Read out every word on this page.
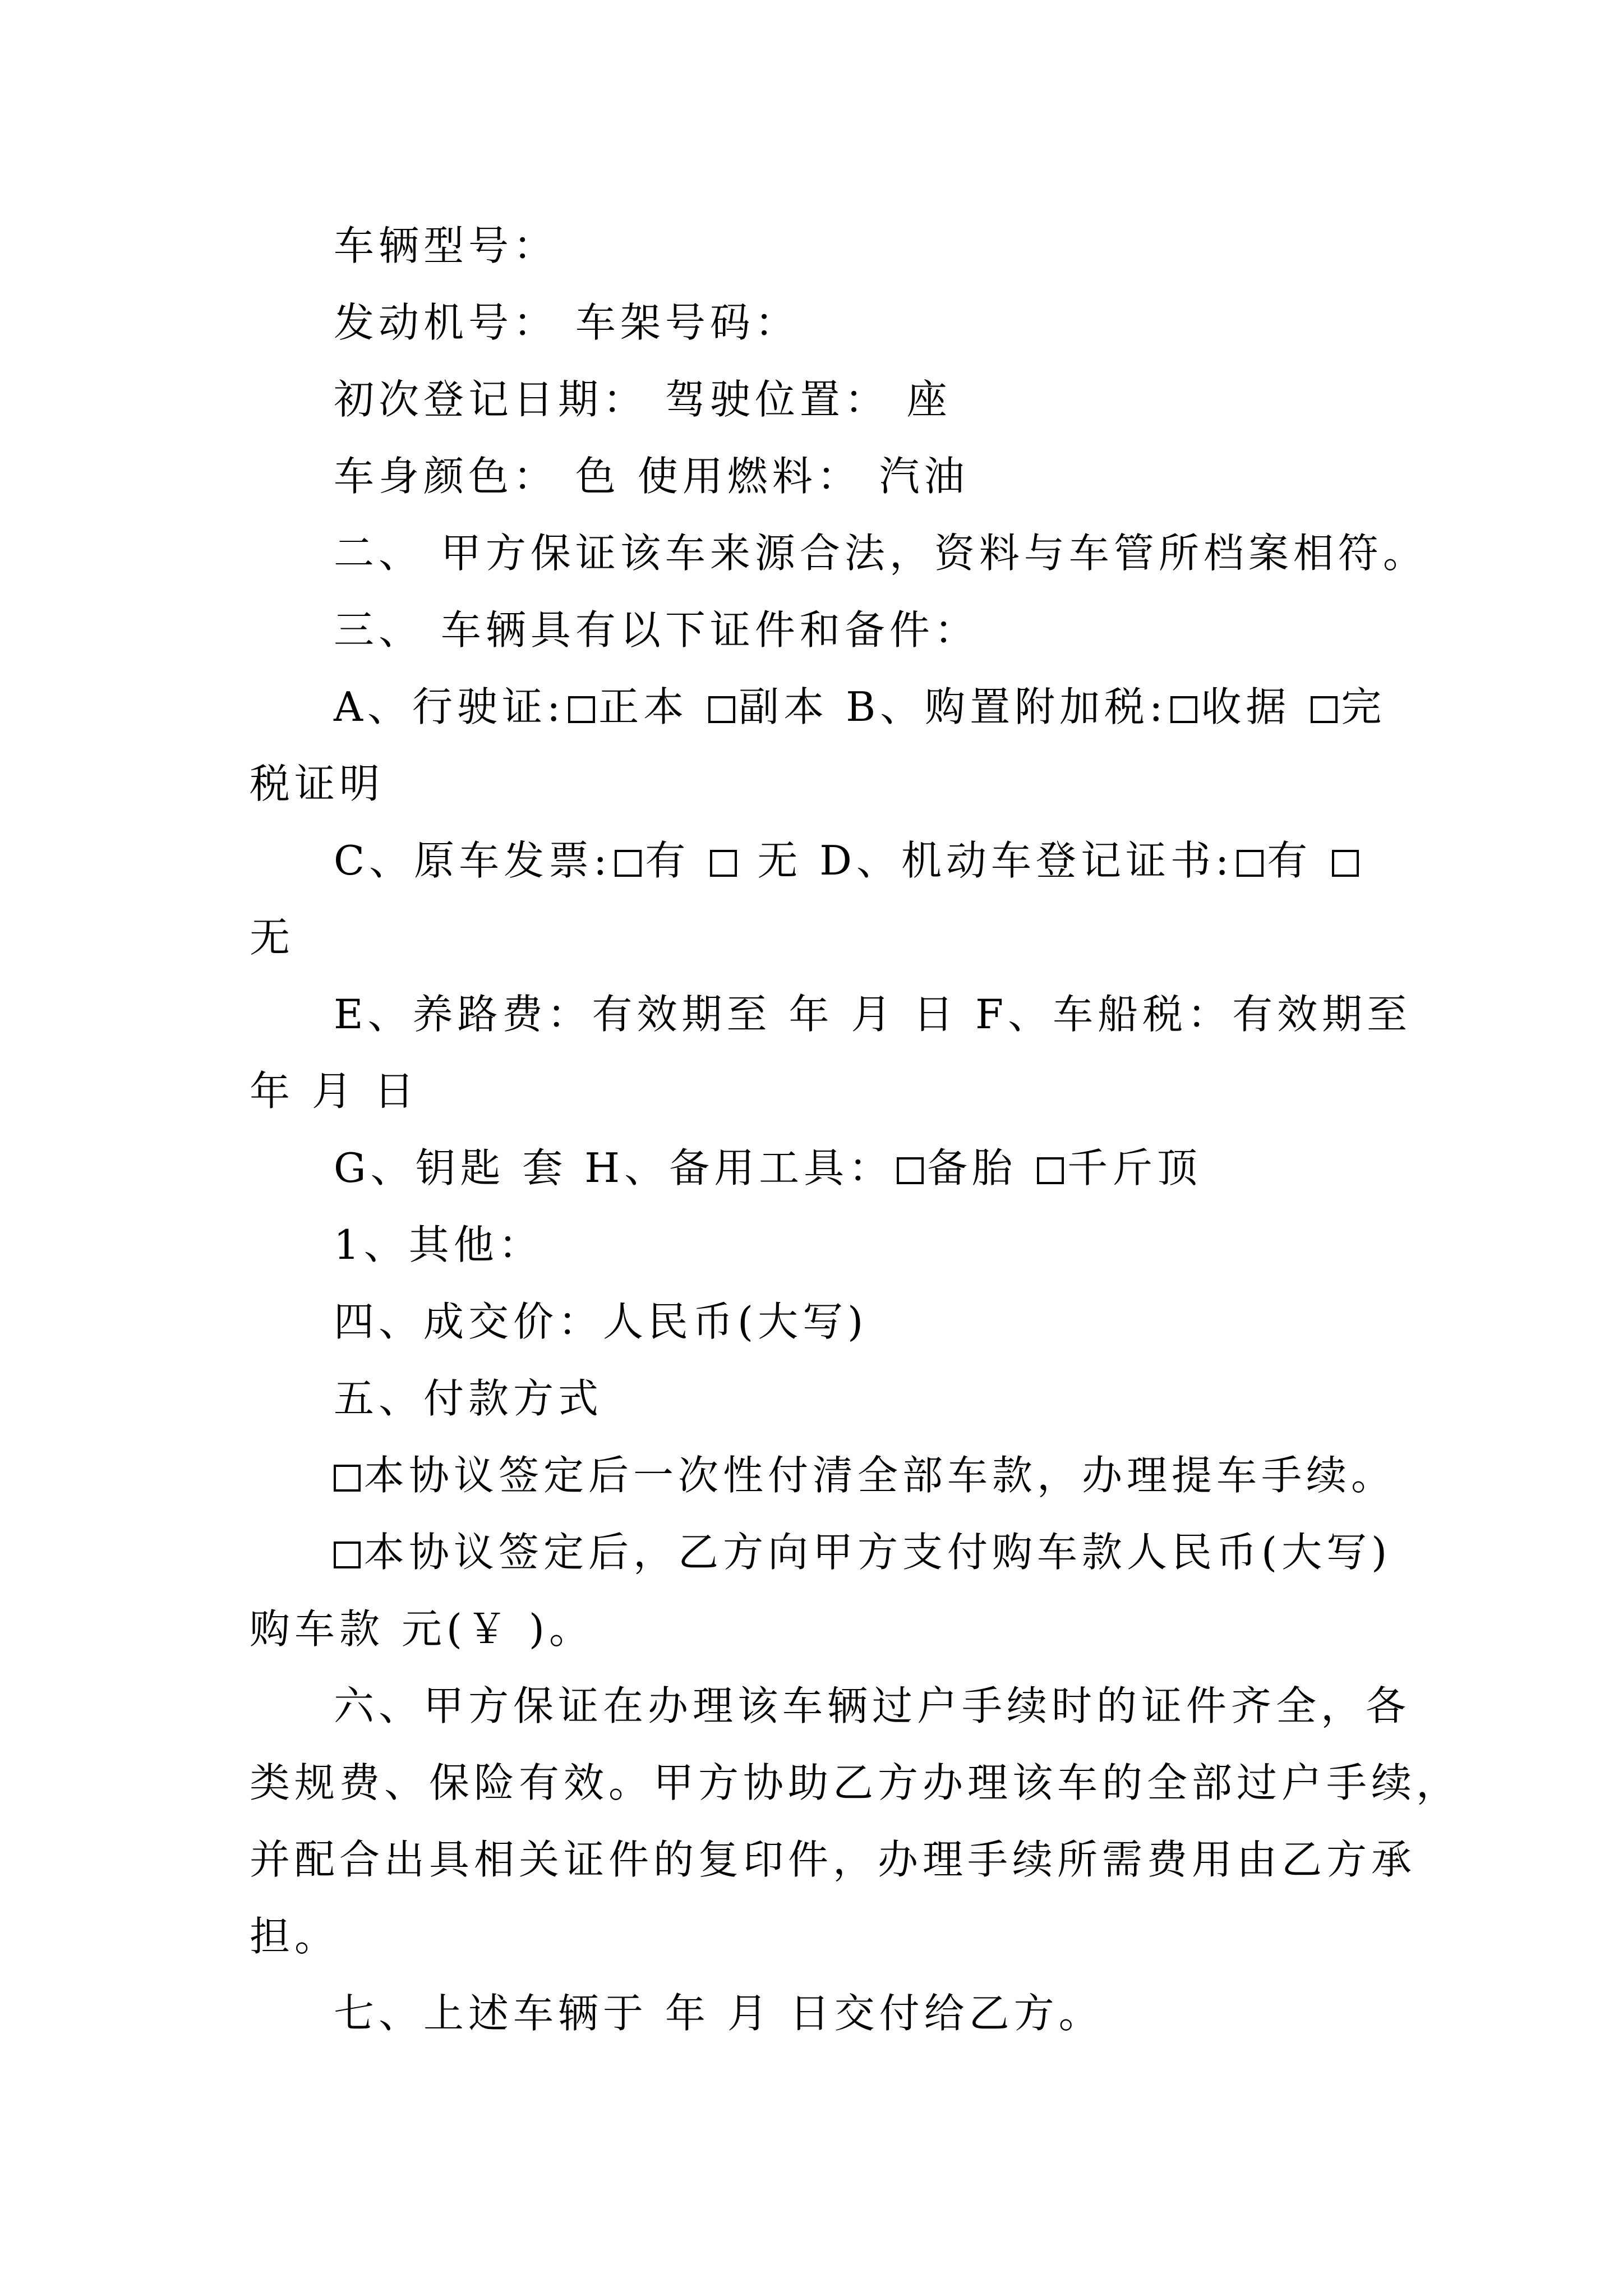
车辆型号：
发动机号： 车架号码：
初次登记日期： 驾驶位置： 座
车身颜色： 色 使用燃料： 汽油
二、 甲方保证该车来源合法，资料与车管所档案相符。
三、 车辆具有以下证件和备件：
A、行驶证: 正本 副本 B、购置附加税: 收据 完
税证明
C、原车发票: 有 无 D、机动车登记证书: 有
无
E、养路费：有效期至 年 月 日 F、车船税：有效期至
年 月 日
G、钥匙 套 H、备用工具： 备胎 千斤顶
1、其他：
四、成交价：人民币(大写)
五、付款方式
本协议签定后一次性付清全部车款，办理提车手续。
本协议签定后，乙方向甲方支付购车款人民币(大写)
购车款 元(￥ )。
六、甲方保证在办理该车辆过户手续时的证件齐全，各
类规费、保险有效。甲方协助乙方办理该车的全部过户手续，
并配合出具相关证件的复印件，办理手续所需费用由乙方承
担。
七、上述车辆于 年 月 日交付给乙方。
